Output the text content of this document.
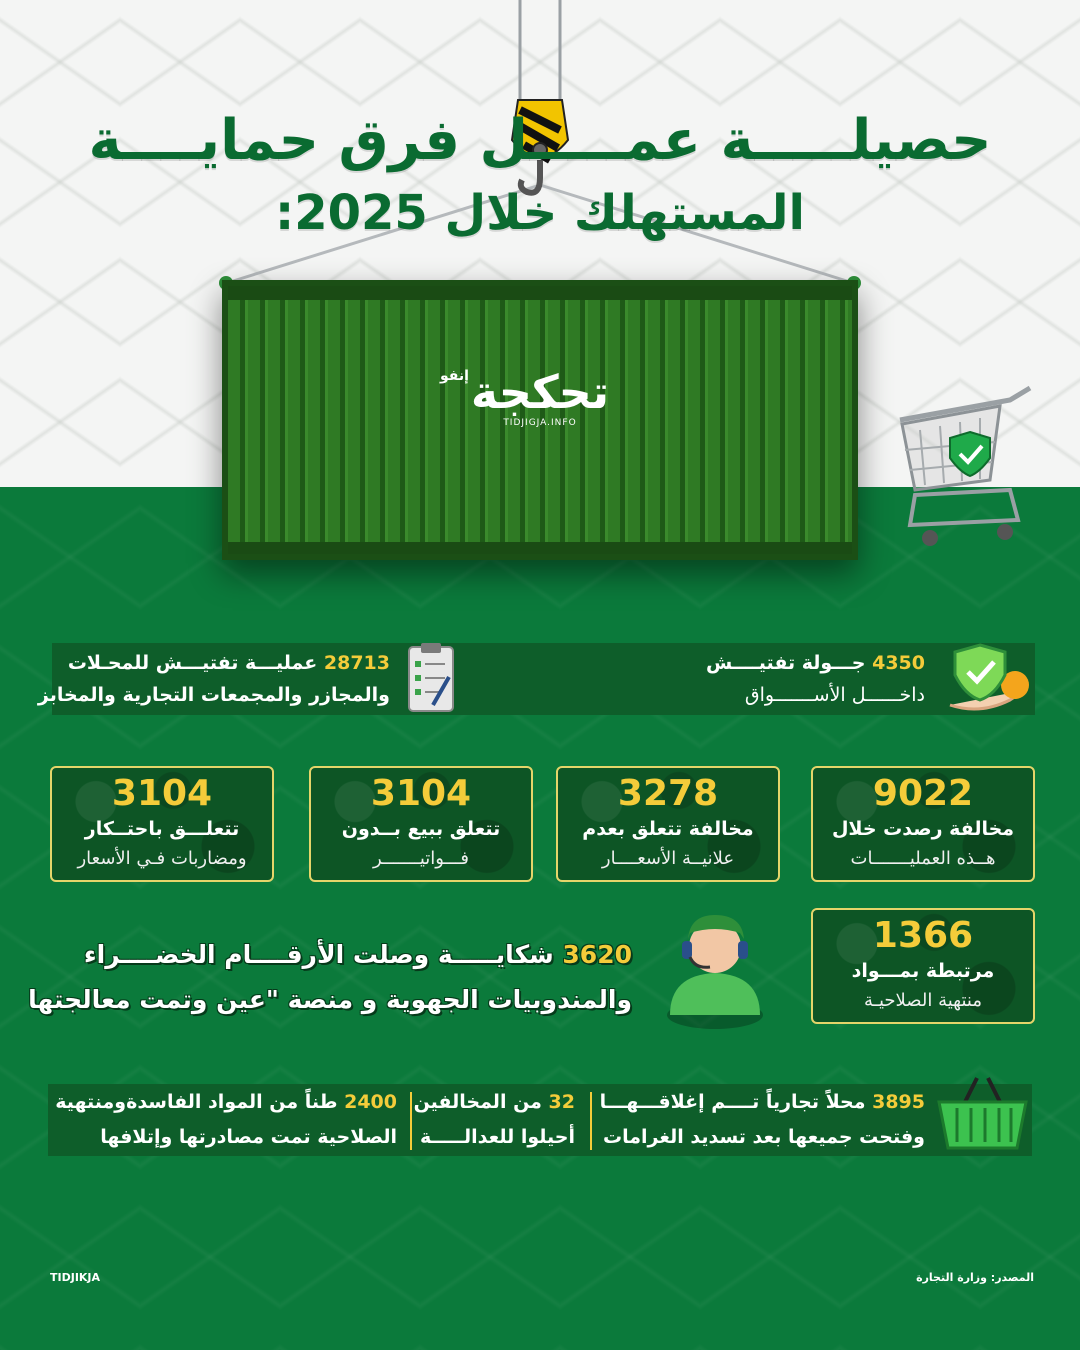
حصيلـــــة عمـــــل فرق حمايــــة
المستهلك خلال 2025:
إنفو تحكجة
TIDJIGJA.INFO
4350 جـــولة تفتيــــش
داخــــــل الأســـــــواق
28713 عمليـــة تفتيـــش للمحـلات
والمجازر والمجمعات التجارية والمخابز
9022
مخالفة رصدت خلال
هــذه العمليـــــــات
3278
مخالفة تتعلق بعدم
علانيــة الأسعــــار
3104
تتعلق ببيع بــدون
فـــواتيـــــــر
3104
تتعلـــق باحتــكار
ومضاربات فـي الأسعار
1366
مرتبطة بمـــواد
منتهية الصلاحيـة
3620 شكايـــــة وصلت الأرقــــام الخضــــراء
والمندوبيات الجهوية و منصة "عين وتمت معالجتها
3895 محلاً تجارياً تــــم إغلاقـــهـــا
وفتحت جميعها بعد تسديد الغرامات
32 من المخالفين
أحيلوا للعدالـــــة
2400 طناً من المواد الفاسدةومنتهية
الصلاحية تمت مصادرتها وإتلافها
المصدر: وزارة التجارة
TIDJIKJA
